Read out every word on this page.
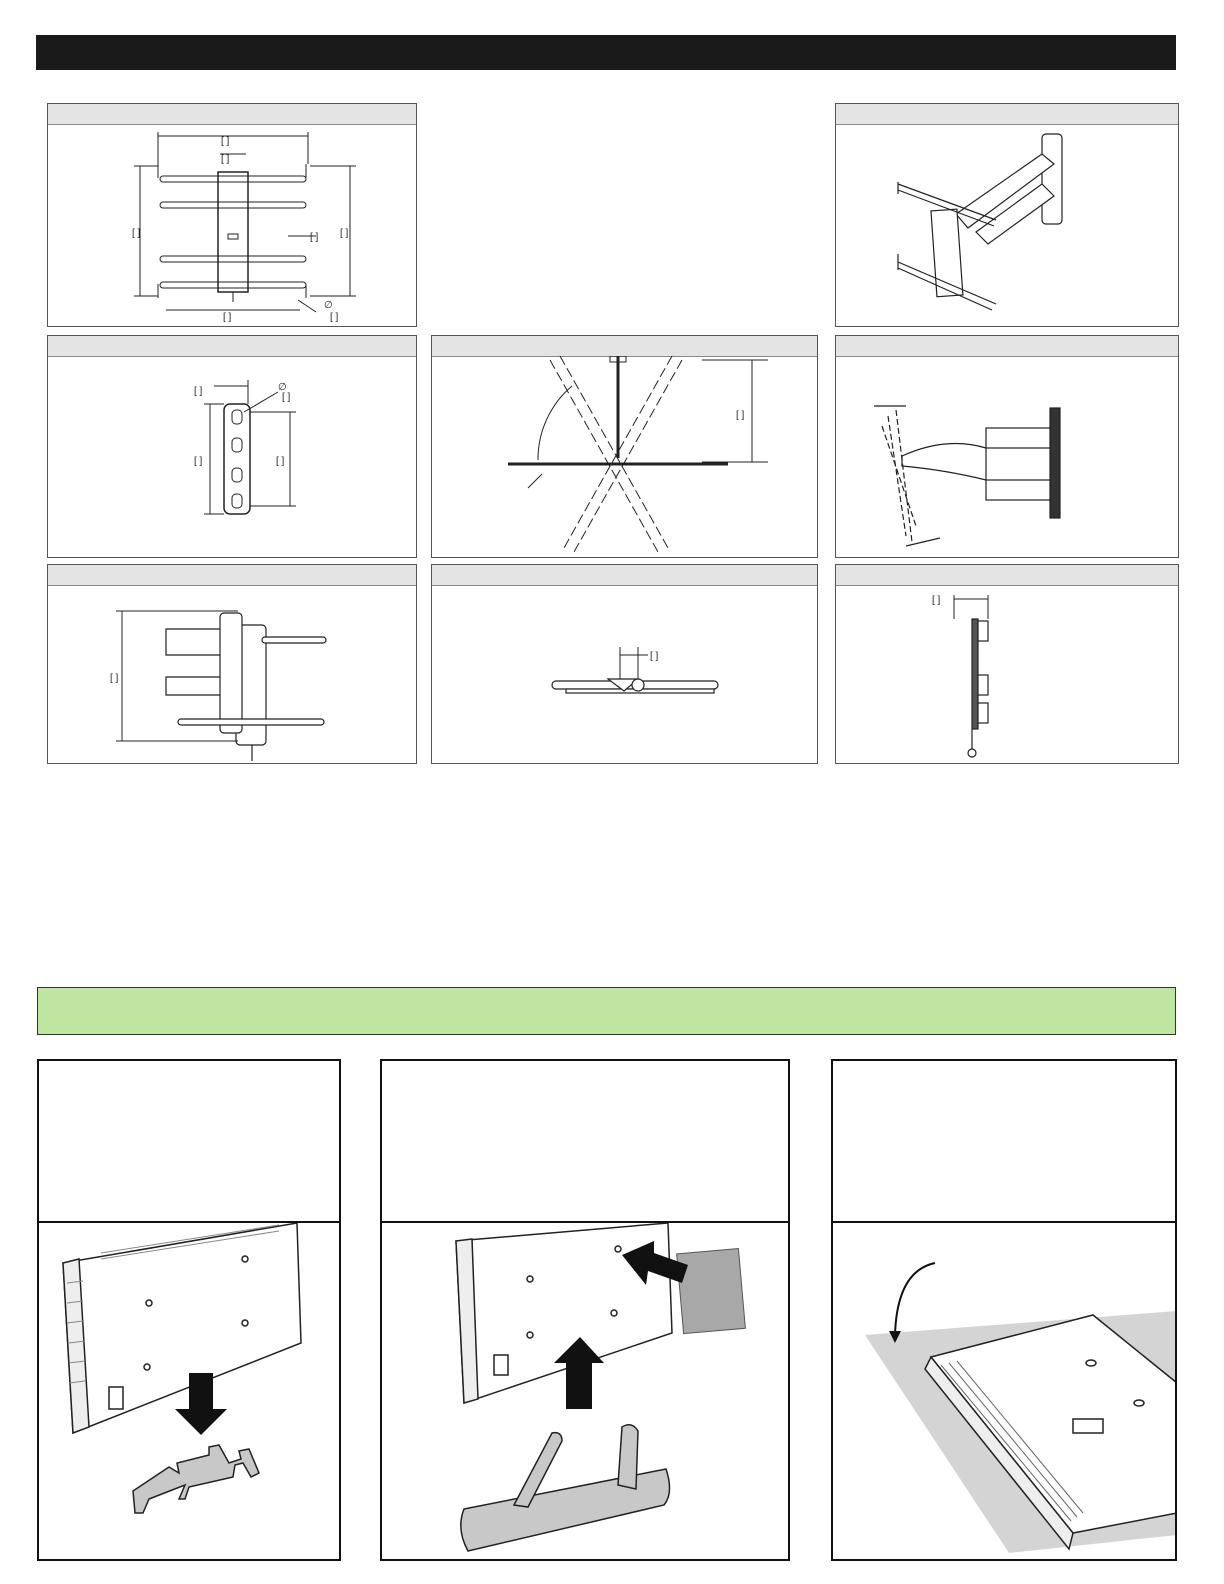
[ ]
[ ]
[ ]	[ ] [ ]
[ ]
∅
[ ]
[ ]	∅
[ ]
[ ]	[ ]
[ ]
[ ]
[ ]
[ ]
